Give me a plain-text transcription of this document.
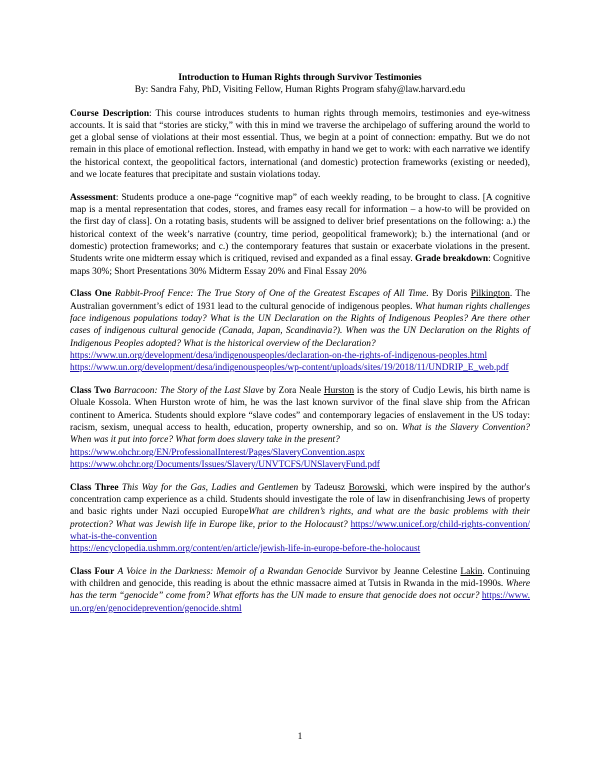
Introduction to Human Rights through Survivor Testimonies
By: Sandra Fahy, PhD, Visiting Fellow, Human Rights Program sfahy@law.harvard.edu
Course Description: This course introduces students to human rights through memoirs, testimonies and eye-witness accounts. It is said that “stories are sticky,” with this in mind we traverse the archipelago of suffering around the world to get a global sense of violations at their most essential. Thus, we begin at a point of connection: empathy. But we do not remain in this place of emotional reflection. Instead, with empathy in hand we get to work: with each narrative we identify the historical context, the geopolitical factors, international (and domestic) protection frameworks (existing or needed), and we locate features that precipitate and sustain violations today.
Assessment: Students produce a one-page “cognitive map” of each weekly reading, to be brought to class. [A cognitive map is a mental representation that codes, stores, and frames easy recall for information – a how-to will be provided on the first day of class]. On a rotating basis, students will be assigned to deliver brief presentations on the following: a.) the historical context of the week’s narrative (country, time period, geopolitical framework); b.) the international (and or domestic) protection frameworks; and c.) the contemporary features that sustain or exacerbate violations in the present. Students write one midterm essay which is critiqued, revised and expanded as a final essay. Grade breakdown: Cognitive maps 30%; Short Presentations 30% Midterm Essay 20% and Final Essay 20%
Class One Rabbit-Proof Fence: The True Story of One of the Greatest Escapes of All Time. By Doris Pilkington. The Australian government’s edict of 1931 lead to the cultural genocide of indigenous peoples. What human rights challenges face indigenous populations today? What is the UN Declaration on the Rights of Indigenous Peoples? Are there other cases of indigenous cultural genocide (Canada, Japan, Scandinavia?). When was the UN Declaration on the Rights of Indigenous Peoples adopted? What is the historical overview of the Declaration?
https://www.un.org/development/desa/indigenouspeoples/declaration-on-the-rights-of-indigenous-peoples.html
https://www.un.org/development/desa/indigenouspeoples/wp-content/uploads/sites/19/2018/11/UNDRIP_E_web.pdf
Class Two Barracoon: The Story of the Last Slave by Zora Neale Hurston is the story of Cudjo Lewis, his birth name is Oluale Kossola. When Hurston wrote of him, he was the last known survivor of the final slave ship from the African continent to America. Students should explore “slave codes” and contemporary legacies of enslavement in the US today: racism, sexism, unequal access to health, education, property ownership, and so on. What is the Slavery Convention? When was it put into force? What form does slavery take in the present?
https://www.ohchr.org/EN/ProfessionalInterest/Pages/SlaveryConvention.aspx
https://www.ohchr.org/Documents/Issues/Slavery/UNVTCFS/UNSlaveryFund.pdf
Class Three This Way for the Gas, Ladies and Gentlemen by Tadeusz Borowski, which were inspired by the author's concentration camp experience as a child. Students should investigate the role of law in disenfranchising Jews of property and basic rights under Nazi occupied EuropeWhat are children’s rights, and what are the basic problems with their protection? What was Jewish life in Europe like, prior to the Holocaust? https://www.unicef.org/child-rights-convention/what-is-the-convention
https://encyclopedia.ushmm.org/content/en/article/jewish-life-in-europe-before-the-holocaust
Class Four A Voice in the Darkness: Memoir of a Rwandan Genocide Survivor by Jeanne Celestine Lakin. Continuing with children and genocide, this reading is about the ethnic massacre aimed at Tutsis in Rwanda in the mid-1990s. Where has the term “genocide” come from? What efforts has the UN made to ensure that genocide does not occur? https://www.un.org/en/genocideprevention/genocide.shtml
1
